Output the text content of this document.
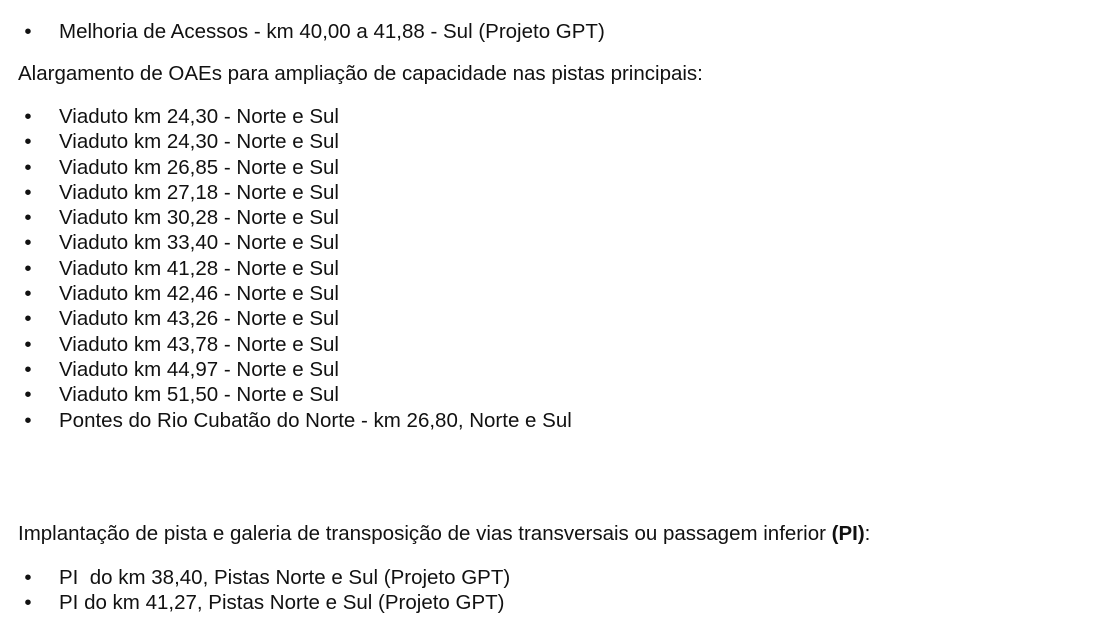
•	Melhoria de Acessos - km 40,00 a 41,88 - Sul (Projeto GPT)

Alargamento de OAEs para ampliação de capacidade nas pistas principais:

•	Viaduto km 24,30 - Norte e Sul
•	Viaduto km 24,30 - Norte e Sul
•	Viaduto km 26,85 - Norte e Sul
•	Viaduto km 27,18 - Norte e Sul
•	Viaduto km 30,28 - Norte e Sul
•	Viaduto km 33,40 - Norte e Sul
•	Viaduto km 41,28 - Norte e Sul
•	Viaduto km 42,46 - Norte e Sul
•	Viaduto km 43,26 - Norte e Sul
•	Viaduto km 43,78 - Norte e Sul
•	Viaduto km 44,97 - Norte e Sul
•	Viaduto km 51,50 - Norte e Sul
•	Pontes do Rio Cubatão do Norte - km 26,80, Norte e Sul

Implantação de pista e galeria de transposição de vias transversais ou passagem inferior (PI):

•	PI  do km 38,40, Pistas Norte e Sul (Projeto GPT)
•	PI do km 41,27, Pistas Norte e Sul (Projeto GPT)
